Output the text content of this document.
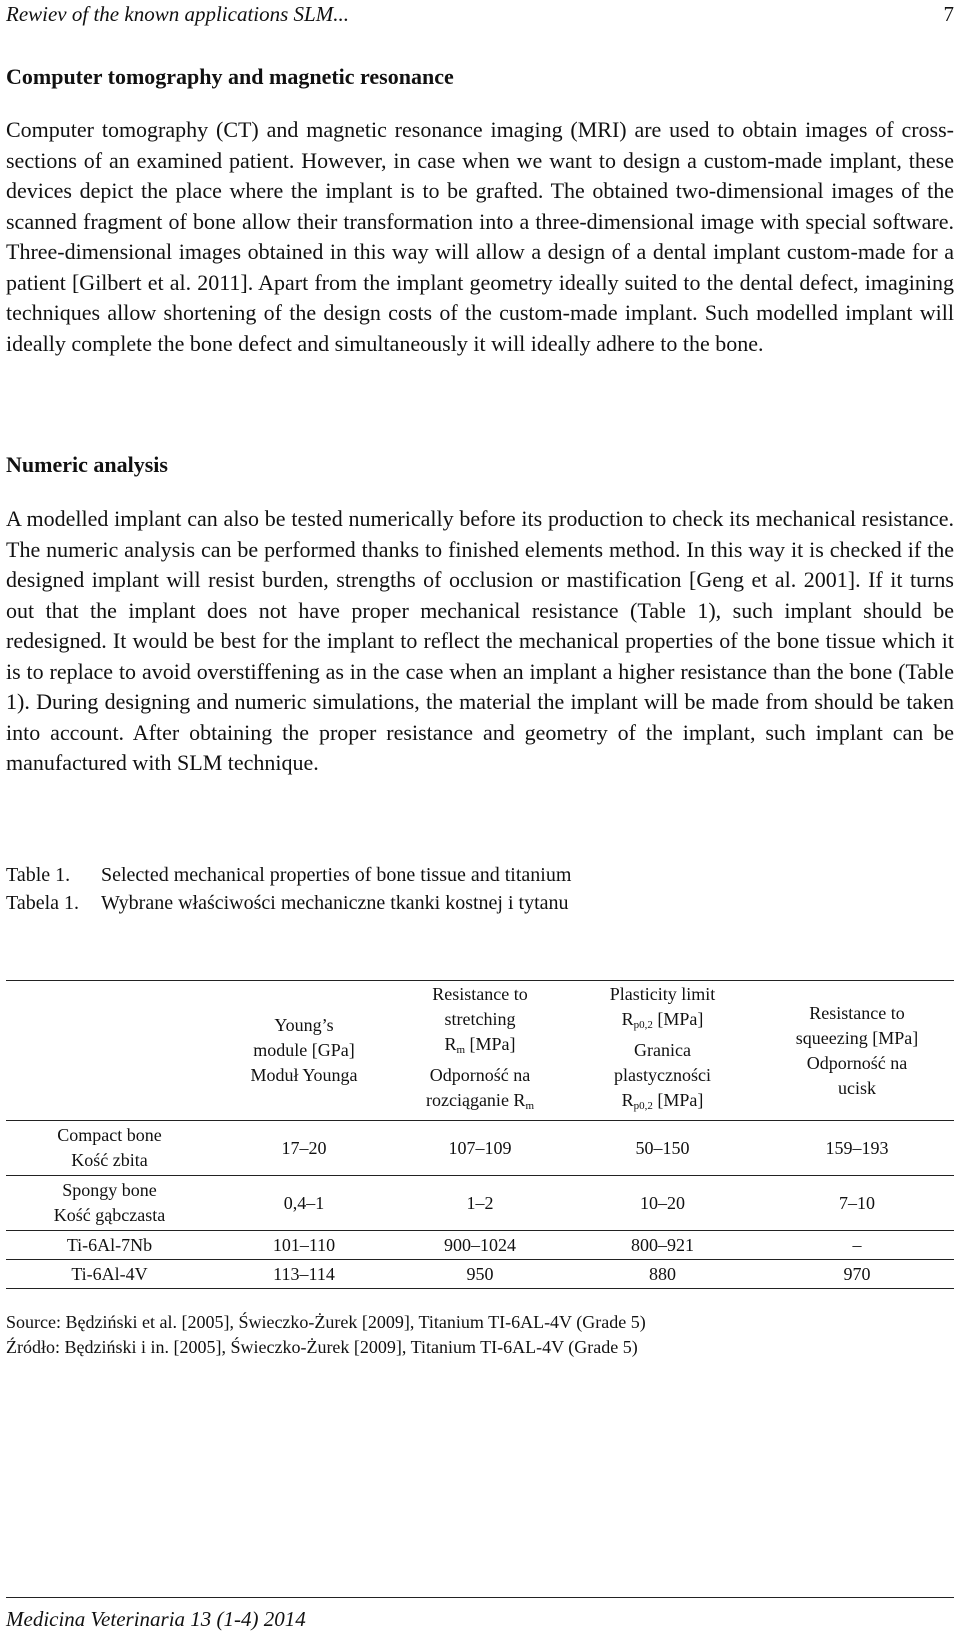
Rewiev of the known applications SLM...	7
Computer tomography and magnetic resonance

Computer tomography (CT) and magnetic resonance imaging (MRI) are used to obtain images of cross-sections of an examined patient. However, in case when we want to design a custom-made implant, these devices depict the place where the implant is to be grafted. The obtained two-dimensional images of the scanned fragment of bone allow their transformation into a three-dimensional image with special software. Three-dimensional images obtained in this way will allow a design of a dental implant custom-made for a patient [Gilbert et al. 2011]. Apart from the implant geometry ideally suited to the dental defect, imagining techniques allow shortening of the design costs of the custom-made implant. Such modelled implant will ideally complete the bone defect and simultaneously it will ideally adhere to the bone.

Numeric analysis

A modelled implant can also be tested numerically before its production to check its mechanical resistance. The numeric analysis can be performed thanks to finished elements method. In this way it is checked if the designed implant will resist burden, strengths of occlusion or mastification [Geng et al. 2001]. If it turns out that the implant does not have proper mechanical resistance (Table 1), such implant should be redesigned. It would be best for the implant to reflect the mechanical properties of the bone tissue which it is to replace to avoid overstiffening as in the case when an implant a higher resistance than the bone (Table 1). During designing and numeric simulations, the material the implant will be made from should be taken into account. After obtaining the proper resistance and geometry of the implant, such implant can be manufactured with SLM technique.

Table 1. Selected mechanical properties of bone tissue and titanium
Tabela 1. Wybrane właściwości mechaniczne tkanki kostnej i tytanu

	Young’s
module [GPa]
Moduł Younga	Resistance to
stretching
$R_m$ [MPa]
Odporność na
rozciąganie $R_m$	Plasticity limit
$R_{p0,2}$ [MPa]
Granica
plastyczności
$R_{p0,2}$ [MPa]	Resistance to
squeezing [MPa]
Odporność na
ucisk

Compact bone
Kość zbita	17–20	107–109	50–150	159–193

Spongy bone
Kość gąbczasta	0,4–1	1–2	10–20	7–10
Ti-6Al-7Nb	101–110	900–1024	800–921	–
Ti-6Al-4V	113–114	950	880	970
Source: Będziński et al. [2005], Świeczko-Żurek [2009], Titanium TI-6AL-4V (Grade 5)
Źródło: Będziński i in. [2005], Świeczko-Żurek [2009], Titanium TI-6AL-4V (Grade 5)
Medicina Veterinaria 13 (1-4) 2014
